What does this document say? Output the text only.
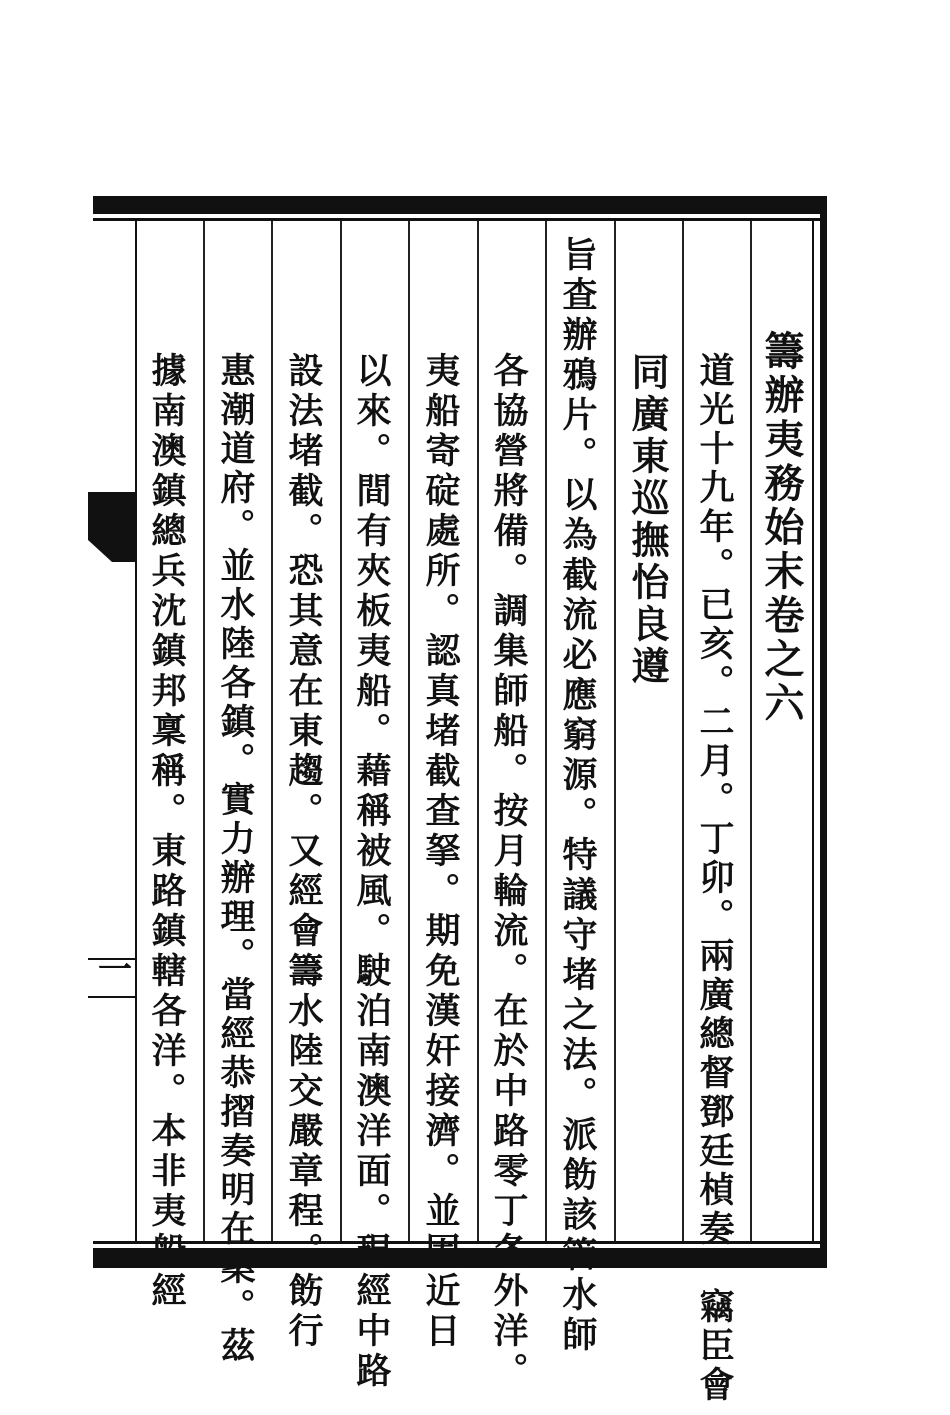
籌辦夷務始末卷之六
道光十九年。已亥。二月。丁卯。兩廣總督鄧廷楨奏。竊臣會
同廣東巡撫怡良遵
旨查辦鴉片。以為截流必應窮源。特議守堵之法。派飭該管水師
各協營將備。調集師船。按月輪流。在於中路零丁各外洋。
夷船寄碇處所。認真堵截查拏。期免漢奸接濟。並因近日
以來。間有夾板夷船。藉稱被風。駛泊南澳洋面。現經中路
設法堵截。恐其意在東趨。又經會籌水陸交嚴章程。飭行
惠潮道府。並水陸各鎮。實力辦理。當經恭摺奏明在案。茲
據南澳鎮總兵沈鎮邦稟稱。東路鎮轄各洋。本非夷船經
一
